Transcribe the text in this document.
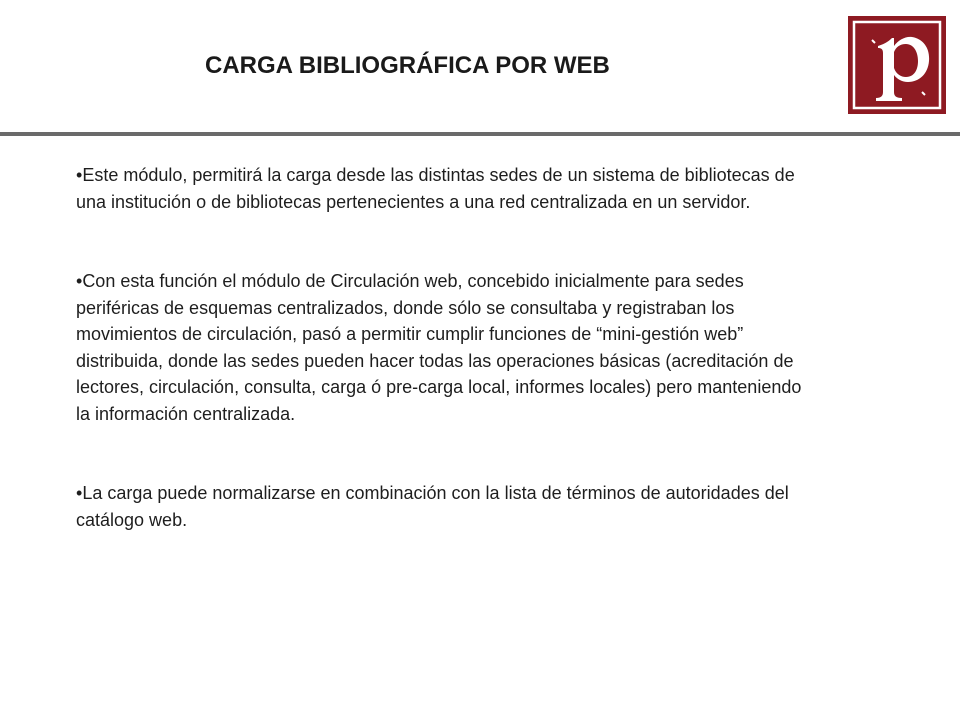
CARGA BIBLIOGRÁFICA POR WEB
•Este módulo, permitirá la carga desde las distintas sedes de un sistema de bibliotecas de una institución o de bibliotecas pertenecientes a una red centralizada en un servidor.
•Con esta función el módulo de Circulación web, concebido inicialmente para sedes periféricas de esquemas centralizados, donde sólo se consultaba y registraban los movimientos de circulación, pasó a permitir cumplir funciones de “mini-gestión web” distribuida, donde las sedes pueden hacer todas las operaciones básicas (acreditación de lectores, circulación, consulta, carga ó pre-carga local, informes locales) pero manteniendo la información centralizada.
•La carga puede normalizarse en combinación con la lista de términos de autoridades del catálogo web.
